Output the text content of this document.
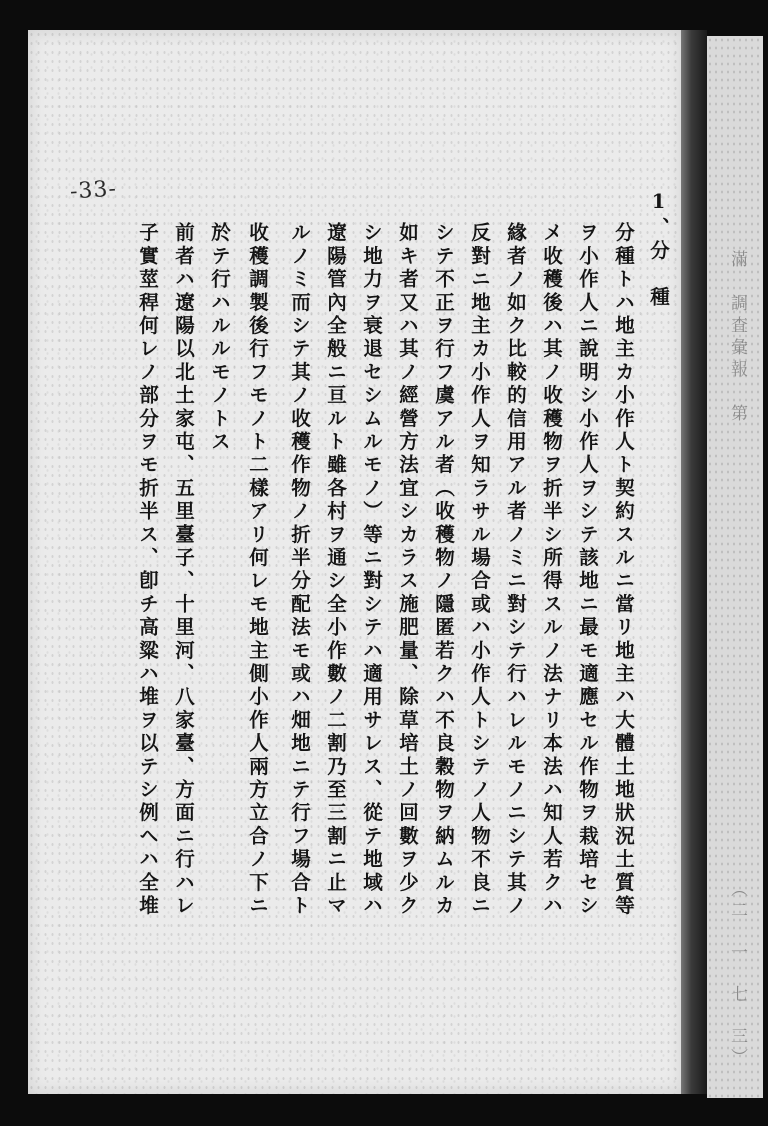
-33-	1、分　種
分種トハ地主カ小作人ト契約スルニ當リ地主ハ大體土地狀況土質等
ヲ小作人ニ說明シ小作人ヲシテ該地ニ最モ適應セル作物ヲ栽培セシ
メ收穫後ハ其ノ收穫物ヲ折半シ所得スルノ法ナリ本法ハ知人若クハ
緣者ノ如ク比較的信用アル者ノミニ對シテ行ハレルモノニシテ其ノ
反對ニ地主カ小作人ヲ知ラサル場合或ハ小作人トシテノ人物不良ニ
シテ不正ヲ行フ虞アル者（收穫物ノ隱匿若クハ不良穀物ヲ納ムルカ
如キ者又ハ其ノ經營方法宜シカラス施肥量、除草培土ノ回數ヲ少ク
シ地力ヲ衰退セシムルモノ）等ニ對シテハ適用サレス、從テ地域ハ
遼陽管內全般ニ亘ルト雖各村ヲ通シ全小作數ノ二割乃至三割ニ止マ
ルノミ而シテ其ノ收穫作物ノ折半分配法モ或ハ畑地ニテ行フ場合ト
收穫調製後行フモノト二樣アリ何レモ地主側小作人兩方立合ノ下ニ
於テ行ハルルモノトス
前者ハ遼陽以北土家屯、五里臺子、十里河、八家臺、方面ニ行ハレ
子實莖稈何レノ部分ヲモ折半ス、卽チ高粱ハ堆ヲ以テシ例ヘハ全堆	滿　調査彙報　第
（二　一　七　三）
